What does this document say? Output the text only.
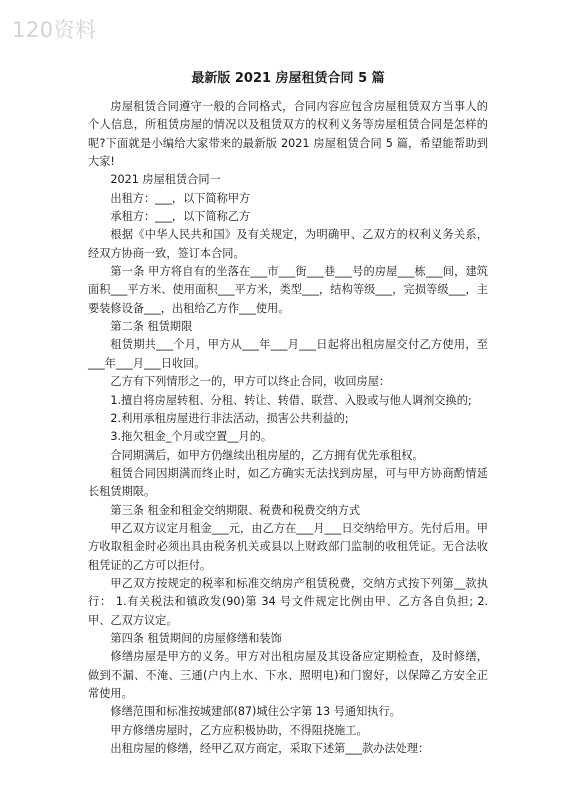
120资料
最新版 2021 房屋租赁合同 5 篇

房屋租赁合同遵守一般的合同格式，合同内容应包含房屋租赁双方当事人的个人信息，所租赁房屋的情况以及租赁双方的权利义务等房屋租赁合同是怎样的呢?下面就是小编给大家带来的最新版 2021 房屋租赁合同 5 篇，希望能帮助到大家!

2021 房屋租赁合同一

出租方：___，以下简称甲方

承租方：___，以下简称乙方

根据《中华人民共和国》及有关规定，为明确甲、乙双方的权利义务关系，经双方协商一致，签订本合同。

第一条 甲方将自有的坐落在___市___街___巷___号的房屋___栋___间，建筑面积___平方米、使用面积___平方米，类型___，结构等级___，完损等级___，主要装修设备___，出租给乙方作___使用。

第二条 租赁期限

租赁期共___个月，甲方从___年___月___日起将出租房屋交付乙方使用，至___年___月___日收回。

乙方有下列情形之一的，甲方可以终止合同，收回房屋：

1.擅自将房屋转租、分租、转让、转借、联营、入股或与他人调剂交换的;

2.利用承租房屋进行非法活动，损害公共利益的;

3.拖欠租金_个月或空置__月的。

合同期满后，如甲方仍继续出租房屋的，乙方拥有优先承租权。

租赁合同因期满而终止时，如乙方确实无法找到房屋，可与甲方协商酌情延长租赁期限。

第三条 租金和租金交纳期限、税费和税费交纳方式

甲乙双方议定月租金___元，由乙方在___月___日交纳给甲方。先付后用。甲方收取租金时必须出具由税务机关或县以上财政部门监制的收租凭证。无合法收租凭证的乙方可以拒付。

甲乙双方按规定的税率和标准交纳房产租赁税费，交纳方式按下列第__款执行： 1.有关税法和镇政发(90)第 34 号文件规定比例由甲、乙方各自负担; 2.甲、乙双方议定。

第四条 租赁期间的房屋修缮和装饰

修缮房屋是甲方的义务。甲方对出租房屋及其设备应定期检查，及时修缮，做到不漏、不淹、三通(户内上水、下水、照明电)和门窗好，以保障乙方安全正常使用。

修缮范围和标准按城建部(87)城住公字第 13 号通知执行。

甲方修缮房屋时，乙方应积极协助，不得阻挠施工。

出租房屋的修缮，经甲乙双方商定，采取下述第___款办法处理：
